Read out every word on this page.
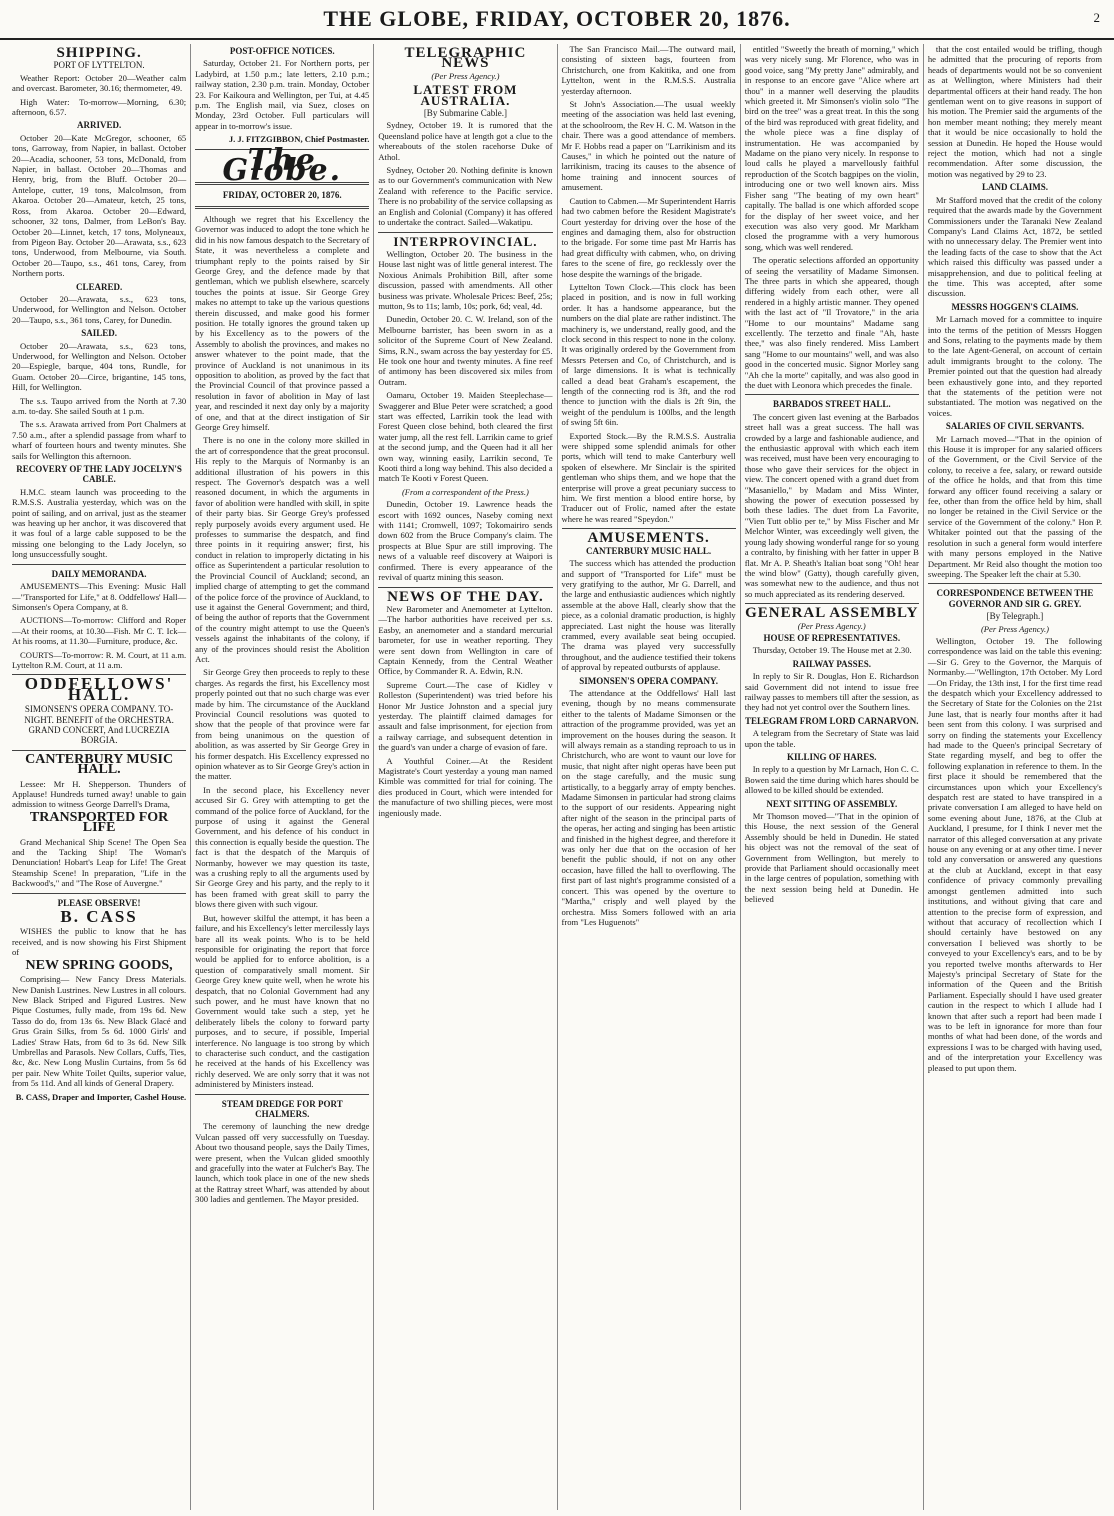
THE GLOBE, FRIDAY, OCTOBER 20, 1876.	2
SHIPPING.
PORT OF LYTTELTON.

Weather Report: October 20—Weather calm and overcast. Barometer, 30.16; thermometer, 49.

High Water: To-morrow—Morning, 6.30; afternoon, 6.57.

ARRIVED.

October 20—Kate McGregor, schooner, 65 tons, Garroway, from Napier, in ballast. October 20—Acadia, schooner, 53 tons, McDonald, from Napier, in ballast. October 20—Thomas and Henry, brig, from the Bluff. October 20—Antelope, cutter, 19 tons, Malcolmson, from Akaroa. October 20—Amateur, ketch, 25 tons, Ross, from Akaroa. October 20—Edward, schooner, 32 tons, Dalmer, from LeBon's Bay. October 20—Linnet, ketch, 17 tons, Molyneaux, from Pigeon Bay. October 20—Arawata, s.s., 623 tons, Underwood, from Melbourne, via South. October 20—Taupo, s.s., 461 tons, Carey, from Northern ports.

CLEARED.

October 20—Arawata, s.s., 623 tons, Underwood, for Wellington and Nelson. October 20—Taupo, s.s., 361 tons, Carey, for Dunedin.

SAILED.

October 20—Arawata, s.s., 623 tons, Underwood, for Wellington and Nelson. October 20—Espiegle, barque, 404 tons, Rundle, for Guam. October 20—Circe, brigantine, 145 tons, Hill, for Wellington.

The s.s. Taupo arrived from the North at 7.30 a.m. to-day. She sailed South at 1 p.m.

The s.s. Arawata arrived from Port Chalmers at 7.50 a.m., after a splendid passage from wharf to wharf of fourteen hours and twenty minutes. She sails for Wellington this afternoon.

RECOVERY OF THE LADY JOCELYN'S CABLE.

H.M.C. steam launch was proceeding to the R.M.S.S. Australia yesterday, which was on the point of sailing, and on arrival, just as the steamer was heaving up her anchor, it was discovered that it was foul of a large cable supposed to be the missing one belonging to the Lady Jocelyn, so long unsuccessfully sought.

DAILY MEMORANDA.

AMUSEMENTS—This Evening: Music Hall—"Transported for Life," at 8. Oddfellows' Hall—Simonsen's Opera Company, at 8.

AUCTIONS—To-morrow: Clifford and Roper—At their rooms, at 10.30—Fish. Mr C. T. Ick—At his rooms, at 11.30—Furniture, produce, &c.

COURTS—To-morrow: R. M. Court, at 11 a.m. Lyttelton R.M. Court, at 11 a.m.

ODDFELLOWS' HALL.
SIMONSEN'S OPERA COMPANY. TO-NIGHT. BENEFIT of the ORCHESTRA. GRAND CONCERT, And LUCREZIA BORGIA.
CANTERBURY MUSIC HALL.

Lessee: Mr H. Shepperson. Thunders of Applause! Hundreds turned away! unable to gain admission to witness George Darrell's Drama,

TRANSPORTED FOR LIFE

Grand Mechanical Ship Scene! The Open Sea and the Tacking Ship! The Woman's Denunciation! Hobart's Leap for Life! The Great Steamship Scene! In preparation, "Life in the Backwood's," and "The Rose of Auvergne."

PLEASE OBSERVE!
B. CASS

WISHES the public to know that he has received, and is now showing his First Shipment of

NEW SPRING GOODS,

Comprising— New Fancy Dress Materials. New Danish Lustrines. New Lustres in all colours. New Black Striped and Figured Lustres. New Pique Costumes, fully made, from 19s 6d. New Tasso do do, from 13s 6s. New Black Glacé and Grus Grain Silks, from 5s 6d. 1000 Girls' and Ladies' Straw Hats, from 6d to 3s 6d. New Silk Umbrellas and Parasols. New Collars, Cuffs, Ties, &c, &c. New Long Muslin Curtains, from 5s 6d per pair. New White Toilet Quilts, superior value, from 5s 11d. And all kinds of General Drapery.

B. CASS, Draper and Importer, Cashel House.
POST-OFFICE NOTICES.

Saturday, October 21. For Northern ports, per Ladybird, at 1.50 p.m.; late letters, 2.10 p.m.; railway station, 2.30 p.m. train. Monday, October 23. For Kaikoura and Wellington, per Tui, at 4.45 p.m. The English mail, via Suez, closes on Monday, 23rd October. Full particulars will appear in to-morrow's issue.

J. J. FITZGIBBON, Chief Postmaster.
The Globe.
FRIDAY, OCTOBER 20, 1876.

Although we regret that his Excellency the Governor was induced to adopt the tone which he did in his now famous despatch to the Secretary of State, it was nevertheless a complete and triumphant reply to the points raised by Sir George Grey, and the defence made by that gentleman, which we publish elsewhere, scarcely touches the points at issue. Sir George Grey makes no attempt to take up the various questions therein discussed, and make good his former position. He totally ignores the ground taken up by his Excellency as to the powers of the Assembly to abolish the provinces, and makes no answer whatever to the point made, that the province of Auckland is not unanimous in its opposition to abolition, as proved by the fact that the Provincial Council of that province passed a resolution in favor of abolition in May of last year, and rescinded it next day only by a majority of one, and that at the direct instigation of Sir George Grey himself.

There is no one in the colony more skilled in the art of correspondence that the great proconsul. His reply to the Marquis of Normanby is an additional illustration of his powers in this respect. The Governor's despatch was a well reasoned document, in which the arguments in favor of abolition were handled with skill, in spite of their party bias. Sir George Grey's professed reply purposely avoids every argument used. He professes to summarise the despatch, and find three points in it requiring answer; first, his conduct in relation to improperly dictating in his office as Superintendent a particular resolution to the Provincial Council of Auckland; second, an implied charge of attempting to get the command of the police force of the province of Auckland, to use it against the General Government; and third, of being the author of reports that the Government of the country might attempt to use the Queen's vessels against the inhabitants of the colony, if any of the provinces should resist the Abolition Act.

Sir George Grey then proceeds to reply to these charges. As regards the first, his Excellency most properly pointed out that no such charge was ever made by him. The circumstance of the Auckland Provincial Council resolutions was quoted to show that the people of that province were far from being unanimous on the question of abolition, as was asserted by Sir George Grey in his former despatch. His Excellency expressed no opinion whatever as to Sir George Grey's action in the matter.

In the second place, his Excellency never accused Sir G. Grey with attempting to get the command of the police force of Auckland, for the purpose of using it against the General Government, and his defence of his conduct in this connection is equally beside the question. The fact is that the despatch of the Marquis of Normanby, however we may question its taste, was a crushing reply to all the arguments used by Sir George Grey and his party, and the reply to it has been framed with great skill to parry the blows there given with such vigour.

But, however skilful the attempt, it has been a failure, and his Excellency's letter mercilessly lays bare all its weak points. Who is to be held responsible for originating the report that force would be applied for to enforce abolition, is a question of comparatively small moment. Sir George Grey knew quite well, when he wrote his despatch, that no Colonial Government had any such power, and he must have known that no Government would take such a step, yet he deliberately libels the colony to forward party purposes, and to secure, if possible, Imperial interference. No language is too strong by which to characterise such conduct, and the castigation he received at the hands of his Excellency was richly deserved. We are only sorry that it was not administered by Ministers instead.

STEAM DREDGE FOR PORT CHALMERS.

The ceremony of launching the new dredge Vulcan passed off very successfully on Tuesday. About two thousand people, says the Daily Times, were present, when the Vulcan glided smoothly and gracefully into the water at Fulcher's Bay. The launch, which took place in one of the new sheds at the Rattray street Wharf, was attended by about 300 ladies and gentlemen. The Mayor presided.

TELEGRAPHIC NEWS
(Per Press Agency.)
LATEST FROM AUSTRALIA.
[By Submarine Cable.]

Sydney, October 19. It is rumored that the Queensland police have at length got a clue to the whereabouts of the stolen racehorse Duke of Athol.

Sydney, October 20. Nothing definite is known as to our Government's communication with New Zealand with reference to the Pacific service. There is no probability of the service collapsing as an English and Colonial (Company) it has offered to undertake the contract. Sailed—Wakatipu.

INTERPROVINCIAL.

Wellington, October 20. The business in the House last night was of little general interest. The Noxious Animals Prohibition Bill, after some discussion, passed with amendments. All other business was private. Wholesale Prices: Beef, 25s; mutton, 9s to 11s; lamb, 10s; pork, 6d; veal, 4d.

Dunedin, October 20. C. W. Ireland, son of the Melbourne barrister, has been sworn in as a solicitor of the Supreme Court of New Zealand. Sims, R.N., swam across the bay yesterday for £5. He took one hour and twenty minutes. A fine reef of antimony has been discovered six miles from Outram.

Oamaru, October 19. Maiden Steeplechase—Swaggerer and Blue Peter were scratched; a good start was effected, Larrikin took the lead with Forest Queen close behind, both cleared the first water jump, all the rest fell. Larrikin came to grief at the second jump, and the Queen had it all her own way, winning easily, Larrikin second, Te Kooti third a long way behind. This also decided a match Te Kooti v Forest Queen.

(From a correspondent of the Press.)

Dunedin, October 19. Lawrence heads the escort with 1692 ounces, Naseby coming next with 1141; Cromwell, 1097; Tokomairiro sends down 602 from the Bruce Company's claim. The prospects at Blue Spur are still improving. The news of a valuable reef discovery at Waipori is confirmed. There is every appearance of the revival of quartz mining this season.

NEWS OF THE DAY.

New Barometer and Anemometer at Lyttelton.—The harbor authorities have received per s.s. Easby, an anemometer and a standard mercurial barometer, for use in weather reporting. They were sent down from Wellington in care of Captain Kennedy, from the Central Weather Office, by Commander R. A. Edwin, R.N.

Supreme Court.—The case of Kidley v Rolleston (Superintendent) was tried before his Honor Mr Justice Johnston and a special jury yesterday. The plaintiff claimed damages for assault and false imprisonment, for ejection from a railway carriage, and subsequent detention in the guard's van under a charge of evasion of fare.

A Youthful Coiner.—At the Resident Magistrate's Court yesterday a young man named Kimble was committed for trial for coining. The dies produced in Court, which were intended for the manufacture of two shilling pieces, were most ingeniously made.

The San Francisco Mail.—The outward mail, consisting of sixteen bags, fourteen from Christchurch, one from Kakitika, and one from Lyttelton, went in the R.M.S.S. Australia yesterday afternoon.

St John's Association.—The usual weekly meeting of the association was held last evening, at the schoolroom, the Rev H. C. M. Watson in the chair. There was a good attendance of members. Mr F. Hobbs read a paper on "Larrikinism and its Causes," in which he pointed out the nature of larrikinism, tracing its causes to the absence of home training and innocent sources of amusement.

Caution to Cabmen.—Mr Superintendent Harris had two cabmen before the Resident Magistrate's Court yesterday for driving over the hose of the engines and damaging them, also for obstruction to the brigade. For some time past Mr Harris has had great difficulty with cabmen, who, on driving fares to the scene of fire, go recklessly over the hose despite the warnings of the brigade.

Lyttelton Town Clock.—This clock has been placed in position, and is now in full working order. It has a handsome appearance, but the numbers on the dial plate are rather indistinct. The machinery is, we understand, really good, and the clock second in this respect to none in the colony. It was originally ordered by the Government from Messrs Petersen and Co, of Christchurch, and is of large dimensions. It is what is technically called a dead beat Graham's escapement, the length of the connecting rod is 3ft, and the rod thence to junction with the dials is 2ft 9in, the weight of the pendulum is 100lbs, and the length of swing 5ft 6in.

Exported Stock.—By the R.M.S.S. Australia were shipped some splendid animals for other ports, which will tend to make Canterbury well spoken of elsewhere. Mr Sinclair is the spirited gentleman who ships them, and we hope that the enterprise will prove a great pecuniary success to him. We first mention a blood entire horse, by Traducer out of Frolic, named after the estate where he was reared "Speydon."

AMUSEMENTS.
CANTERBURY MUSIC HALL.

The success which has attended the production and support of "Transported for Life" must be very gratifying to the author, Mr G. Darrell, and the large and enthusiastic audiences which nightly assemble at the above Hall, clearly show that the piece, as a colonial dramatic production, is highly appreciated. Last night the house was literally crammed, every available seat being occupied. The drama was played very successfully throughout, and the audience testified their tokens of approval by repeated outbursts of applause.

SIMONSEN'S OPERA COMPANY.

The attendance at the Oddfellows' Hall last evening, though by no means commensurate either to the talents of Madame Simonsen or the attraction of the programme provided, was yet an improvement on the houses during the season. It will always remain as a standing reproach to us in Christchurch, who are wont to vaunt our love for music, that night after night operas have been put on the stage carefully, and the music sung artistically, to a beggarly array of empty benches. Madame Simonsen in particular had strong claims to the support of our residents. Appearing night after night of the season in the principal parts of the operas, her acting and singing has been artistic and finished in the highest degree, and therefore it was only her due that on the occasion of her benefit the public should, if not on any other occasion, have filled the hall to overflowing. The first part of last night's programme consisted of a concert. This was opened by the overture to "Martha," crisply and well played by the orchestra. Miss Somers followed with an aria from "Les Huguenots"

entitled "Sweetly the breath of morning," which was very nicely sung. Mr Florence, who was in good voice, sang "My pretty Jane" admirably, and in response to an encore gave "Alice where art thou" in a manner well deserving the plaudits which greeted it. Mr Simonsen's violin solo "The bird on the tree" was a great treat. In this the song of the bird was reproduced with great fidelity, and the whole piece was a fine display of instrumentation. He was accompanied by Madame on the piano very nicely. In response to loud calls he played a marvellously faithful reproduction of the Scotch bagpipes on the violin, introducing one or two well known airs. Miss Fisher sang "The beating of my own heart" capitally. The ballad is one which afforded scope for the display of her sweet voice, and her execution was also very good. Mr Markham closed the programme with a very humorous song, which was well rendered.

The operatic selections afforded an opportunity of seeing the versatility of Madame Simonsen. The three parts in which she appeared, though differing widely from each other, were all rendered in a highly artistic manner. They opened with the last act of "Il Trovatore," in the aria "Home to our mountains" Madame sang excellently. The terzetto and finale "Ah, haste thee," was also finely rendered. Miss Lambert sang "Home to our mountains" well, and was also good in the concerted music. Signor Morley sang "Ah che la morte" capitally, and was also good in the duet with Leonora which precedes the finale.

BARBADOS STREET HALL.

The concert given last evening at the Barbados street hall was a great success. The hall was crowded by a large and fashionable audience, and the enthusiastic approval with which each item was received, must have been very encouraging to those who gave their services for the object in view. The concert opened with a grand duet from "Masaniello," by Madam and Miss Winter, showing the power of execution possessed by both these ladies. The duet from La Favorite, "Vien Tutt oblio per te," by Miss Fischer and Mr Melchor Winter, was exceedingly well given, the young lady showing wonderful range for so young a contralto, by finishing with her fatter in upper B flat. Mr A. P. Sheath's Italian boat song "Oh! hear the wind blow" (Gatty), though carefully given, was somewhat new to the audience, and thus not so much appreciated as its rendering deserved.

GENERAL ASSEMBLY
(Per Press Agency.)
HOUSE OF REPRESENTATIVES.

Thursday, October 19. The House met at 2.30.

RAILWAY PASSES.

In reply to Sir R. Douglas, Hon E. Richardson said Government did not intend to issue free railway passes to members till after the session, as they had not yet control over the Southern lines.

TELEGRAM FROM LORD CARNARVON.

A telegram from the Secretary of State was laid upon the table.

KILLING OF HARES.

In reply to a question by Mr Larnach, Hon C. C. Bowen said the time during which hares should be allowed to be killed should be extended.

NEXT SITTING OF ASSEMBLY.

Mr Thomson moved—"That in the opinion of this House, the next session of the General Assembly should be held in Dunedin. He stated his object was not the removal of the seat of Government from Wellington, but merely to provide that Parliament should occasionally meet in the large centres of population, something with the next session being held at Dunedin. He believed

that the cost entailed would be trifling, though he admitted that the procuring of reports from heads of departments would not be so convenient as at Wellington, where Ministers had their departmental officers at their hand ready. The hon gentleman went on to give reasons in support of his motion. The Premier said the arguments of the hon member meant nothing; they merely meant that it would be nice occasionally to hold the session at Dunedin. He hoped the House would reject the motion, which had not a single recommendation. After some discussion, the motion was negatived by 29 to 23.

LAND CLAIMS.

Mr Stafford moved that the credit of the colony required that the awards made by the Government Commissioners under the Taranaki New Zealand Company's Land Claims Act, 1872, be settled with no unnecessary delay. The Premier went into the leading facts of the case to show that the Act which raised this difficulty was passed under a misapprehension, and due to political feeling at the time. This was accepted, after some discussion.

MESSRS HOGGEN'S CLAIMS.

Mr Larnach moved for a committee to inquire into the terms of the petition of Messrs Hoggen and Sons, relating to the payments made by them to the late Agent-General, on account of certain adult immigrants brought to the colony. The Premier pointed out that the question had already been exhaustively gone into, and they reported that the statements of the petition were not substantiated. The motion was negatived on the voices.

SALARIES OF CIVIL SERVANTS.

Mr Larnach moved—"That in the opinion of this House it is improper for any salaried officers of the Government, or the Civil Service of the colony, to receive a fee, salary, or reward outside of the office he holds, and that from this time forward any officer found receiving a salary or fee, other than from the office held by him, shall no longer be retained in the Civil Service or the service of the Government of the colony." Hon P. Whitaker pointed out that the passing of the resolution in such a general form would interfere with many persons employed in the Native Department. Mr Reid also thought the motion too sweeping. The Speaker left the chair at 5.30.

CORRESPONDENCE BETWEEN THE GOVERNOR AND SIR G. GREY.
[By Telegraph.]
(Per Press Agency.)

Wellington, October 19. The following correspondence was laid on the table this evening:—Sir G. Grey to the Governor, the Marquis of Normanby.—"Wellington, 17th October. My Lord—On Friday, the 13th inst, I for the first time read the despatch which your Excellency addressed to the Secretary of State for the Colonies on the 21st June last, that is nearly four months after it had been sent from this colony. I was surprised and sorry on finding the statements your Excellency had made to the Queen's principal Secretary of State regarding myself, and beg to offer the following explanation in reference to them. In the first place it should be remembered that the circumstances upon which your Excellency's despatch rest are stated to have transpired in a private conversation I am alleged to have held on some evening about June, 1876, at the Club at Auckland, I presume, for I think I never met the narrator of this alleged conversation at any private house on any evening or at any other time. I never told any conversation or answered any questions at the club at Auckland, except in that easy confidence of privacy commonly prevailing amongst gentlemen admitted into such institutions, and without giving that care and attention to the precise form of expression, and without that accuracy of recollection which I should certainly have bestowed on any conversation I believed was shortly to be conveyed to your Excellency's ears, and to be by you reported twelve months afterwards to Her Majesty's principal Secretary of State for the information of the Queen and the British Parliament. Especially should I have used greater caution in the respect to which I allude had I known that after such a report had been made I was to be left in ignorance for more than four months of what had been done, of the words and expressions I was to be charged with having used, and of the interpretation your Excellency was pleased to put upon them.
